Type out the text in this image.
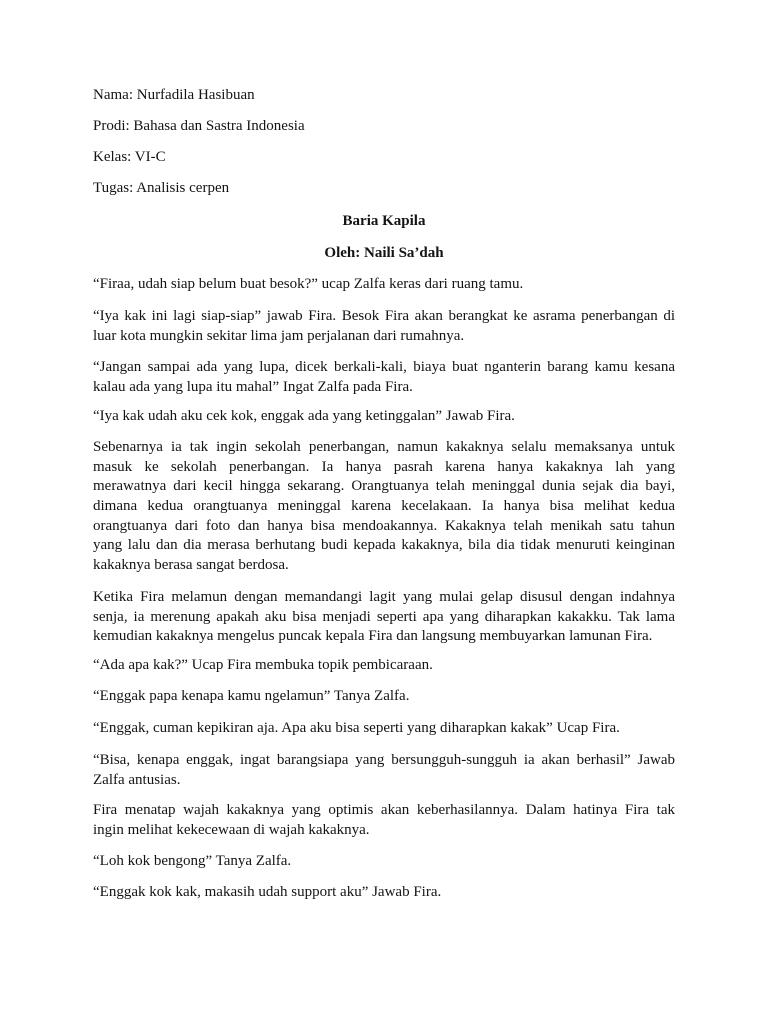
Nama: Nurfadila Hasibuan
Prodi: Bahasa dan Sastra Indonesia
Kelas: VI-C
Tugas: Analisis cerpen
Baria Kapila
Oleh: Naili Sa’dah
“Firaa, udah siap belum buat besok?” ucap Zalfa keras dari ruang tamu.
“Iya kak ini lagi siap-siap” jawab Fira. Besok Fira akan berangkat ke asrama penerbangan di
luar kota mungkin sekitar lima jam perjalanan dari rumahnya.
“Jangan sampai ada yang lupa, dicek berkali-kali, biaya buat nganterin barang kamu kesana
kalau ada yang lupa itu mahal” Ingat Zalfa pada Fira.
“Iya kak udah aku cek kok, enggak ada yang ketinggalan” Jawab Fira.
Sebenarnya ia tak ingin sekolah penerbangan, namun kakaknya selalu memaksanya untuk
masuk ke sekolah penerbangan. Ia hanya pasrah karena hanya kakaknya lah yang
merawatnya dari kecil hingga sekarang. Orangtuanya telah meninggal dunia sejak dia bayi,
dimana kedua orangtuanya meninggal karena kecelakaan. Ia hanya bisa melihat kedua
orangtuanya dari foto dan hanya bisa mendoakannya. Kakaknya telah menikah satu tahun
yang lalu dan dia merasa berhutang budi kepada kakaknya, bila dia tidak menuruti keinginan
kakaknya berasa sangat berdosa.
Ketika Fira melamun dengan memandangi lagit yang mulai gelap disusul dengan indahnya
senja, ia merenung apakah aku bisa menjadi seperti apa yang diharapkan kakakku. Tak lama
kemudian kakaknya mengelus puncak kepala Fira dan langsung membuyarkan lamunan Fira.
“Ada apa kak?” Ucap Fira membuka topik pembicaraan.
“Enggak papa kenapa kamu ngelamun” Tanya Zalfa.
“Enggak, cuman kepikiran aja. Apa aku bisa seperti yang diharapkan kakak” Ucap Fira.
“Bisa, kenapa enggak, ingat barangsiapa yang bersungguh-sungguh ia akan berhasil” Jawab
Zalfa antusias.
Fira menatap wajah kakaknya yang optimis akan keberhasilannya. Dalam hatinya Fira tak
ingin melihat kekecewaan di wajah kakaknya.
“Loh kok bengong” Tanya Zalfa.
“Enggak kok kak, makasih udah support aku” Jawab Fira.
